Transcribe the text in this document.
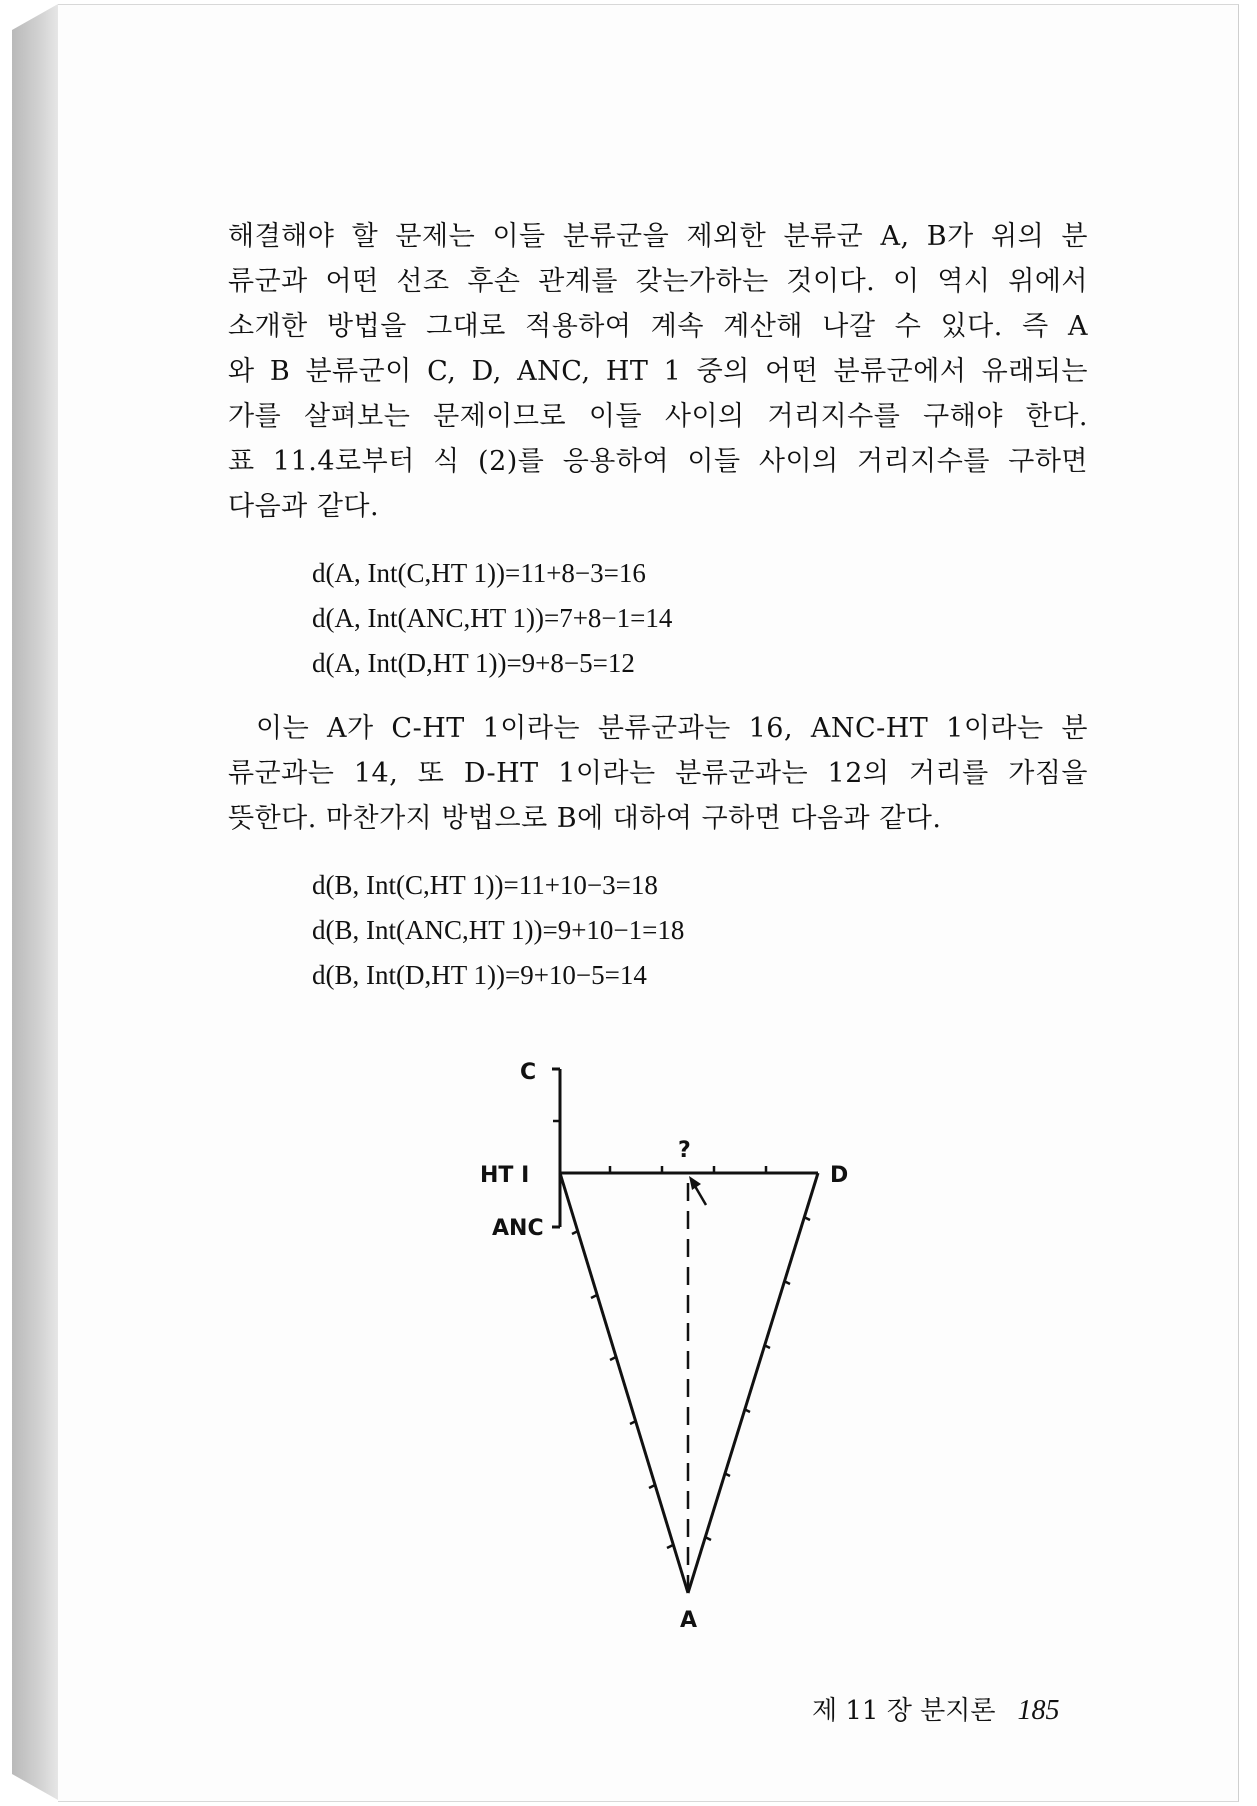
해결해야 할 문제는 이들 분류군을 제외한 분류군 A, B가 위의 분
류군과 어떤 선조 후손 관계를 갖는가하는 것이다. 이 역시 위에서
소개한 방법을 그대로 적용하여 계속 계산해 나갈 수 있다. 즉 A
와 B 분류군이 C, D, ANC, HT 1 중의 어떤 분류군에서 유래되는
가를 살펴보는 문제이므로 이들 사이의 거리지수를 구해야 한다.
표 11.4로부터 식 (2)를 응용하여 이들 사이의 거리지수를 구하면
다음과 같다.

d(A, Int(C,HT 1))=11+8−3=16
d(A, Int(ANC,HT 1))=7+8−1=14
d(A, Int(D,HT 1))=9+8−5=12

이는 A가 C-HT 1이라는 분류군과는 16, ANC-HT 1이라는 분
류군과는 14, 또 D-HT 1이라는 분류군과는 12의 거리를 가짐을
뜻한다. 마찬가지 방법으로 B에 대하여 구하면 다음과 같다.

d(B, Int(C,HT 1))=11+10−3=18
d(B, Int(ANC,HT 1))=9+10−1=18
d(B, Int(D,HT 1))=9+10−5=14
C
HT I
ANC
D
?
A
제 11 장 분지론 185
